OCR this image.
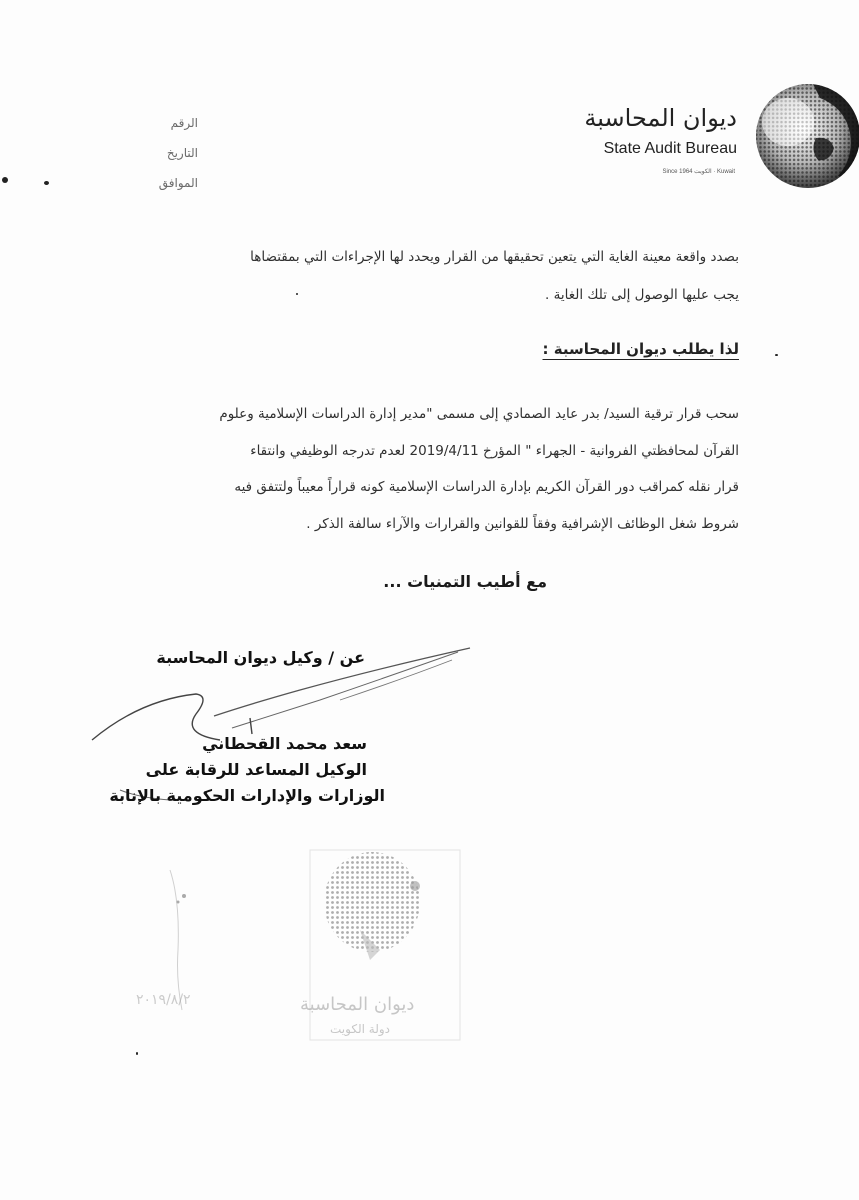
ديوان المحاسبة
State Audit Bureau
Since 1964 الكويت · Kuwait
الرقم
التاريخ
الموافق
بصدد واقعة معينة الغاية التي يتعين تحقيقها من القرار ويحدد لها الإجراءات التي بمقتضاها
يجب عليها الوصول إلى تلك الغاية .
لذا يطلب ديوان المحاسبة :
سحب قرار ترقية السيد/ بدر عايد الصمادي إلى مسمى "مدير إدارة الدراسات الإسلامية وعلوم
القرآن لمحافظتي الفروانية - الجهراء " المؤرخ 2019/4/11 لعدم تدرجه الوظيفي وانتقاء
قرار نقله كمراقب دور القرآن الكريم بإدارة الدراسات الإسلامية كونه قراراً معيباً ولتتفق فيه
شروط شغل الوظائف الإشرافية وفقاً للقوانين والقرارات والآراء سالفة الذكر .
مع أطيب التمنيات ...
عن / وكيل ديوان المحاسبة
سعد محمد القحطاني
الوكيل المساعد للرقابة على
الوزارات والإدارات الحكومية بالإنابة
ديوان المحاسبة
دولة الكويت
٢٠١٩/٨/٢
